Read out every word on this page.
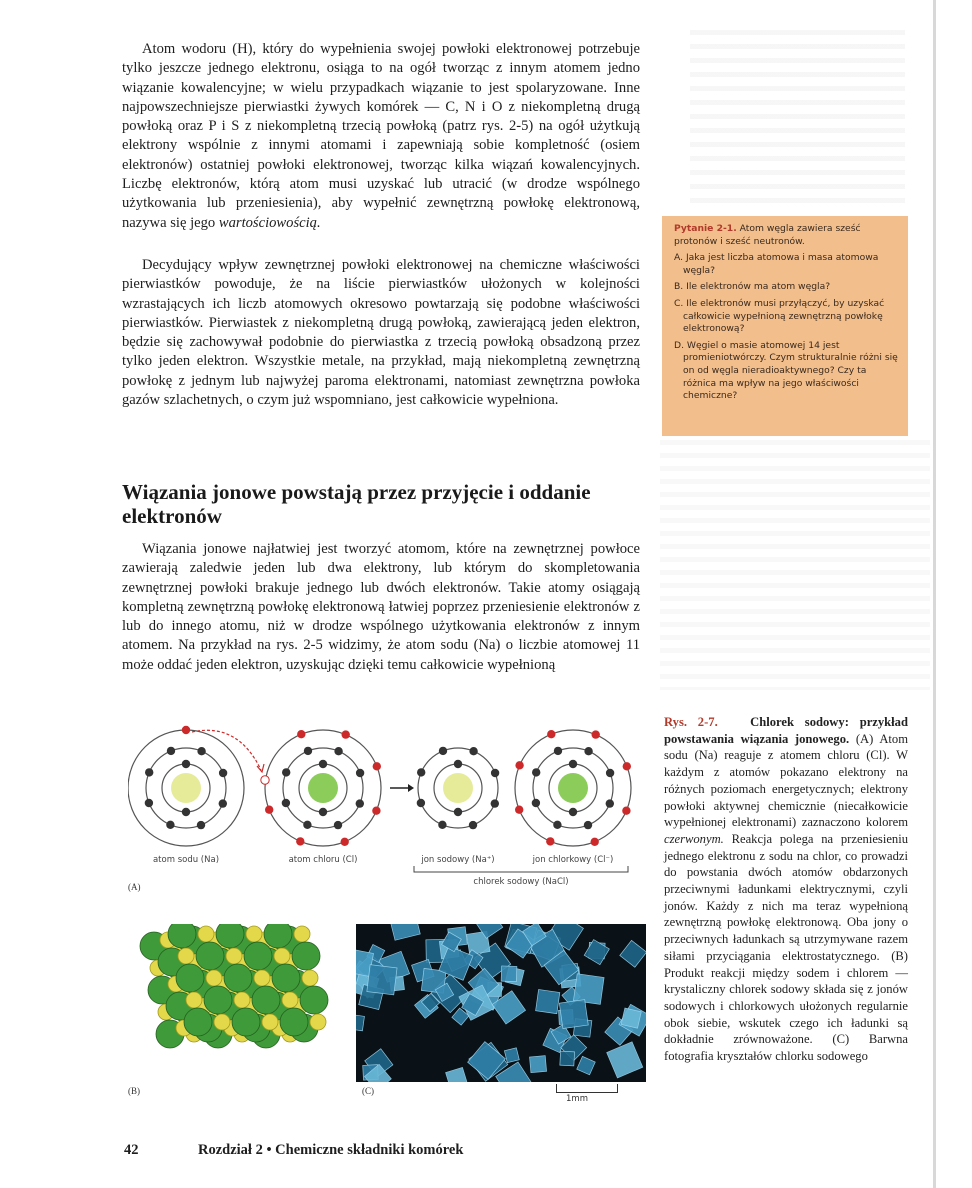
Atom wodoru (H), który do wypełnienia swojej powłoki elektronowej potrzebuje tylko jeszcze jednego elektronu, osiąga to na ogół tworząc z innym atomem jedno wiązanie kowalencyjne; w wielu przypadkach wiązanie to jest spolaryzowane. Inne najpowszechniejsze pierwiastki żywych komórek — C, N i O z niekompletną drugą powłoką oraz P i S z niekompletną trzecią powłoką (patrz rys. 2-5) na ogół użytkują elektrony wspólnie z innymi atomami i zapewniają sobie kompletność (osiem elektronów) ostatniej powłoki elektronowej, tworząc kilka wiązań kowalencyjnych. Liczbę elektronów, którą atom musi uzyskać lub utracić (w drodze wspólnego użytkowania lub przeniesienia), aby wypełnić zewnętrzną powłokę elektronową, nazywa się jego wartościowością.

Decydujący wpływ zewnętrznej powłoki elektronowej na chemiczne właściwości pierwiastków powoduje, że na liście pierwiastków ułożonych w kolejności wzrastających ich liczb atomowych okresowo powtarzają się podobne właściwości pierwiastków. Pierwiastek z niekompletną drugą powłoką, zawierającą jeden elektron, będzie się zachowywał podobnie do pierwiastka z trzecią powłoką obsadzoną przez tylko jeden elektron. Wszystkie metale, na przykład, mają niekompletną zewnętrzną powłokę z jednym lub najwyżej paroma elektronami, natomiast zewnętrzna powłoka gazów szlachetnych, o czym już wspomniano, jest całkowicie wypełniona.

Wiązania jonowe powstają przez przyjęcie i oddanie elektronów

Wiązania jonowe najłatwiej jest tworzyć atomom, które na zewnętrznej powłoce zawierają zaledwie jeden lub dwa elektrony, lub którym do skompletowania zewnętrznej powłoki brakuje jednego lub dwóch elektronów. Takie atomy osiągają kompletną zewnętrzną powłokę elektronową łatwiej poprzez przeniesienie elektronów z lub do innego atomu, niż w drodze wspólnego użytkowania elektronów z innym atomem. Na przykład na rys. 2-5 widzimy, że atom sodu (Na) o liczbie atomowej 11 może oddać jeden elektron, uzyskując dzięki temu całkowicie wypełnioną

Pytanie 2-1. Atom węgla zawiera sześć protonów i sześć neutronów.

A. Jaka jest liczba atomowa i masa atomowa węgla?

B. Ile elektronów ma atom węgla?

C. Ile elektronów musi przyłączyć, by uzyskać całkowicie wypełnioną zewnętrzną powłokę elektronową?

D. Węgiel o masie atomowej 14 jest promieniotwórczy. Czym strukturalnie różni się on od węgla nieradioaktywnego? Czy ta różnica ma wpływ na jego właściwości chemiczne?

Rys. 2-7.	Chlorek sodowy: przykład powstawania wiązania jonowego. (A) Atom sodu (Na) reaguje z atomem chloru (Cl). W każdym z atomów pokazano elektrony na różnych poziomach energetycznych; elektrony powłoki aktywnej chemicznie (niecałkowicie wypełnionej elektronami) zaznaczono kolorem czerwonym. Reakcja polega na przeniesieniu jednego elektronu z sodu na chlor, co prowadzi do powstania dwóch atomów obdarzonych przeciwnymi ładunkami elektrycznymi, czyli jonów. Każdy z nich ma teraz wypełnioną zewnętrzną powłokę elektronową. Oba jony o przeciwnych ładunkach są utrzymywane razem siłami przyciągania elektrostatycznego. (B) Produkt reakcji między sodem i chlorem — krystaliczny chlorek sodowy składa się z jonów sodowych i chlorkowych ułożonych regularnie obok siebie, wskutek czego ich ładunki są dokładnie zrównoważone. (C) Barwna fotografia kryształów chlorku sodowego

atom sodu (Na)	atom chloru (Cl)	jon sodowy (Na⁺)	jon chlorkowy (Cl⁻)
chlorek sodowy (NaCl)
(A)
(B)	(C)
1mm
42	Rozdział 2 • Chemiczne składniki komórek
